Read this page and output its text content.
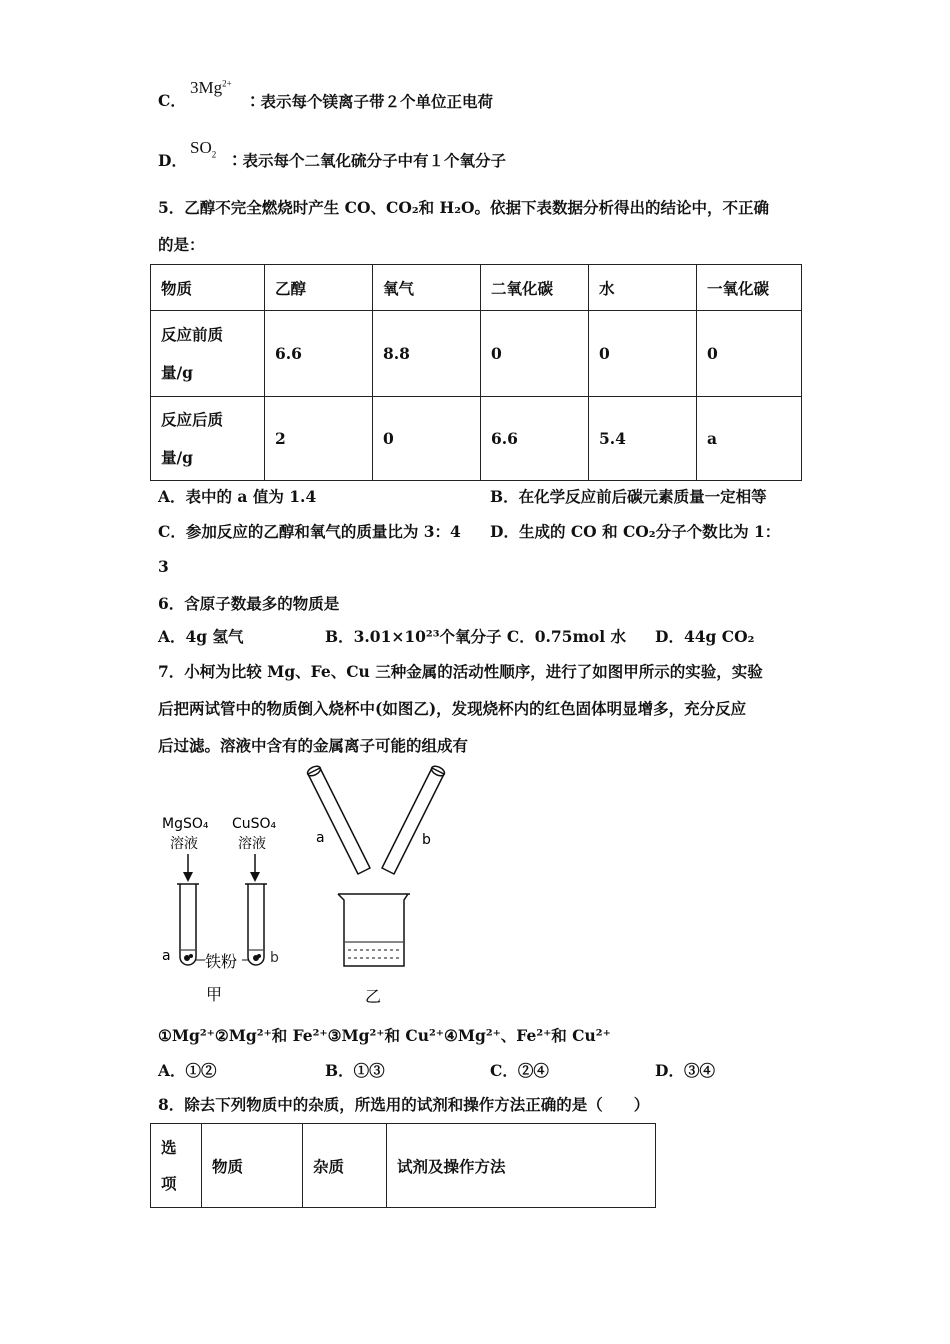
C．
$3Mg^{2+}$
∶表示每个镁离子带２个单位正电荷
D．
$SO_2$ ∶表示每个二氧化硫分子中有１个氧分子
5．乙醇不完全燃烧时产生 CO、CO₂和 H₂O。依据下表数据分析得出的结论中，不正确
的是：
物质	乙醇	氧气	二氧化碳	水	一氧化碳

反应前质
量/g	6.6	8.8	0	0	0

反应后质
量/g	2	0	6.6	5.4	a
A．表中的 a 值为 1.4	B．在化学反应前后碳元素质量一定相等
C．参加反应的乙醇和氧气的质量比为 3：4 D．生成的 CO 和 CO₂分子个数比为 1：
3
6．含原子数最多的物质是
A．4g 氢气	B．3.01×10²³个氧分子 C．0.75mol 水 D．44g CO₂
7．小柯为比较 Mg、Fe、Cu 三种金属的活动性顺序，进行了如图甲所示的实验，实验
后把两试管中的物质倒入烧杯中(如图乙)，发现烧杯内的红色固体明显增多，充分反应
后过滤。溶液中含有的金属离子可能的组成有
MgSO₄ CuSO₄
溶液	溶液
a	b
铁粉
甲
a	b
乙
①Mg²⁺②Mg²⁺和 Fe²⁺③Mg²⁺和 Cu²⁺④Mg²⁺、Fe²⁺和 Cu²⁺
A．①②	B．①③	C．②④	D．③④
8．除去下列物质中的杂质，所选用的试剂和操作方法正确的是（　　）
选
项
	物质	杂质	试剂及操作方法
